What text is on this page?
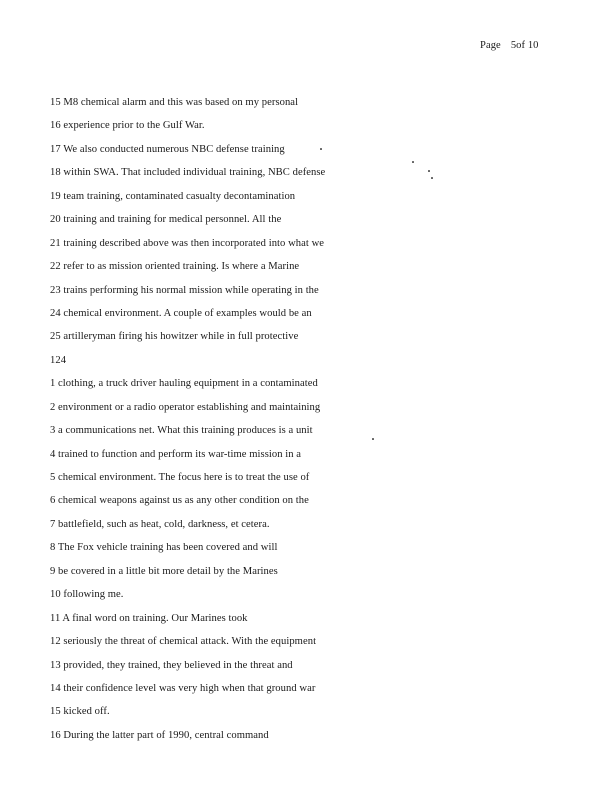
Page 5of 10
15 M8 chemical alarm and this was based on my personal
16 experience prior to the Gulf War.
17 We also conducted numerous NBC defense training
18 within SWA. That included individual training, NBC defense
19 team training, contaminated casualty decontamination
20 training and training for medical personnel. All the
21 training described above was then incorporated into what we
22 refer to as mission oriented training. Is where a Marine
23 trains performing his normal mission while operating in the
24 chemical environment. A couple of examples would be an
25 artilleryman firing his howitzer while in full protective
124
1 clothing, a truck driver hauling equipment in a contaminated
2 environment or a radio operator establishing and maintaining
3 a communications net. What this training produces is a unit
4 trained to function and perform its war-time mission in a
5 chemical environment. The focus here is to treat the use of
6 chemical weapons against us as any other condition on the
7 battlefield, such as heat, cold, darkness, et cetera.
8 The Fox vehicle training has been covered and will
9 be covered in a little bit more detail by the Marines
10 following me.
11 A final word on training. Our Marines took
12 seriously the threat of chemical attack. With the equipment
13 provided, they trained, they believed in the threat and
14 their confidence level was very high when that ground war
15 kicked off.
16 During the latter part of 1990, central command
